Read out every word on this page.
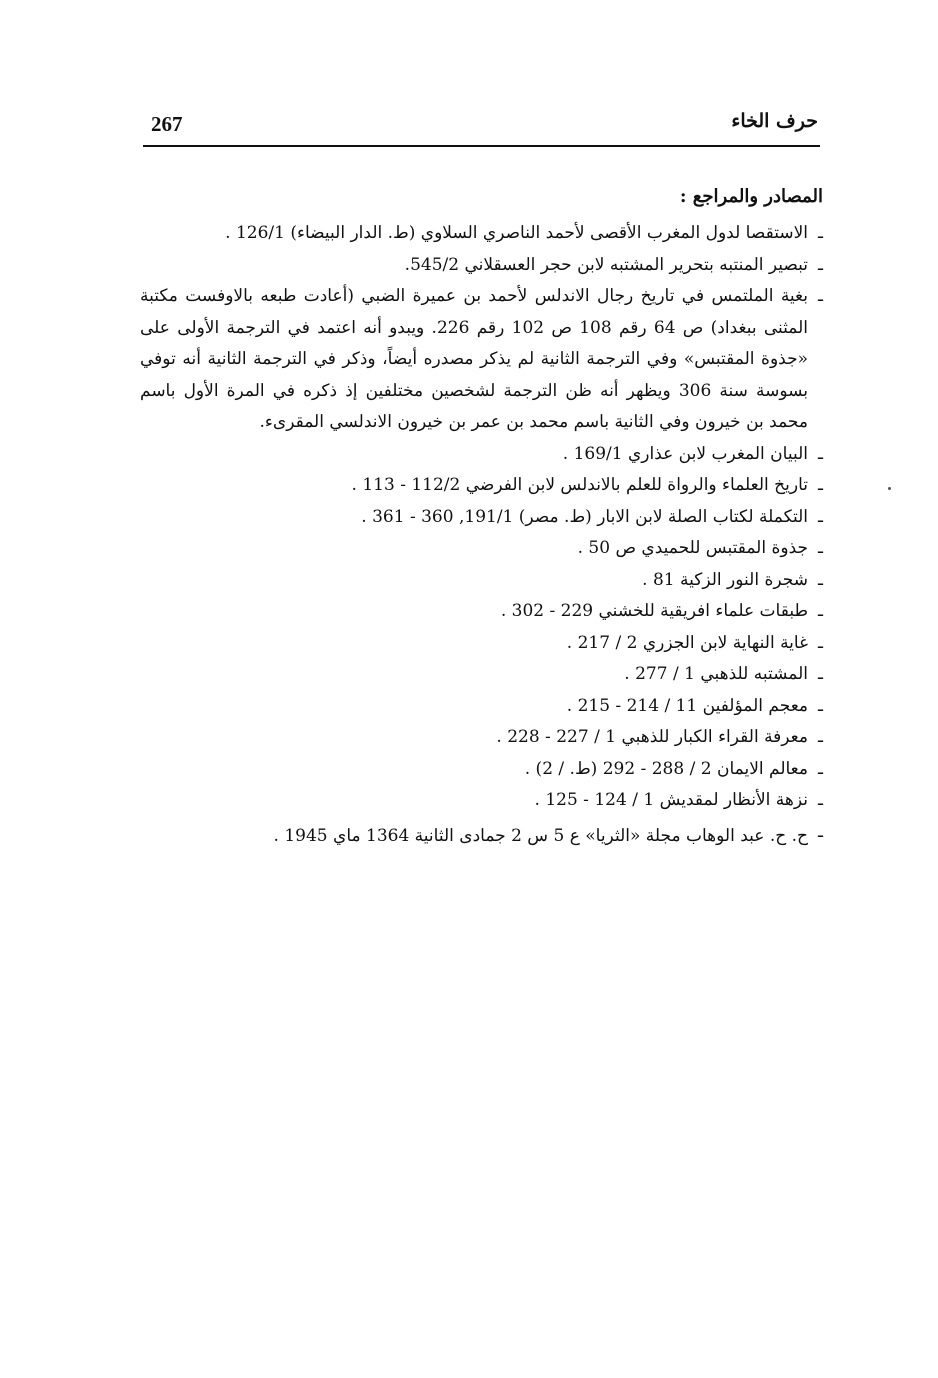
267	حرف الخاء
المصادر والمراجع :
ـ الاستقصا لدول المغرب الأقصى لأحمد الناصري السلاوي (ط. الدار البيضاء) 126/1 .
ـ تبصير المنتبه بتحرير المشتبه لابن حجر العسقلاني 545/2.
ـ بغية الملتمس في تاريخ رجال الاندلس لأحمد بن عميرة الضبي (أعادت طبعه بالاوفست مكتبة المثنى ببغداد) ص 64 رقم 108 ص 102 رقم 226. ويبدو أنه اعتمد في الترجمة الأولى على «جذوة المقتبس» وفي الترجمة الثانية لم يذكر مصدره أيضاً، وذكر في الترجمة الثانية أنه توفي بسوسة سنة 306 ويظهر أنه ظن الترجمة لشخصين مختلفين إذ ذكره في المرة الأول باسم محمد بن خيرون وفي الثانية باسم محمد بن عمر بن خيرون الاندلسي المقرىء.
ـ البيان المغرب لابن عذاري 169/1 .
ـ تاريخ العلماء والرواة للعلم بالاندلس لابن الفرضي 112/2 - 113 .
ـ التكملة لكتاب الصلة لابن الابار (ط. مصر) 191/1, 360 - 361 .
ـ جذوة المقتبس للحميدي ص 50 .
ـ شجرة النور الزكية 81 .
ـ طبقات علماء افريقية للخشني 229 - 302 .
ـ غاية النهاية لابن الجزري 2 / 217 .
ـ المشتبه للذهبي 1 / 277 .
ـ معجم المؤلفين 11 / 214 - 215 .
ـ معرفة القراء الكبار للذهبي 1 / 227 - 228 .
ـ معالم الايمان 2 / 288 - 292 (ط. / 2) .
ـ نزهة الأنظار لمقديش 1 / 124 - 125 .
ـ ح. ح. عبد الوهاب مجلة «الثريا» ع 5 س 2 جمادى الثانية 1364 ماي 1945 .
